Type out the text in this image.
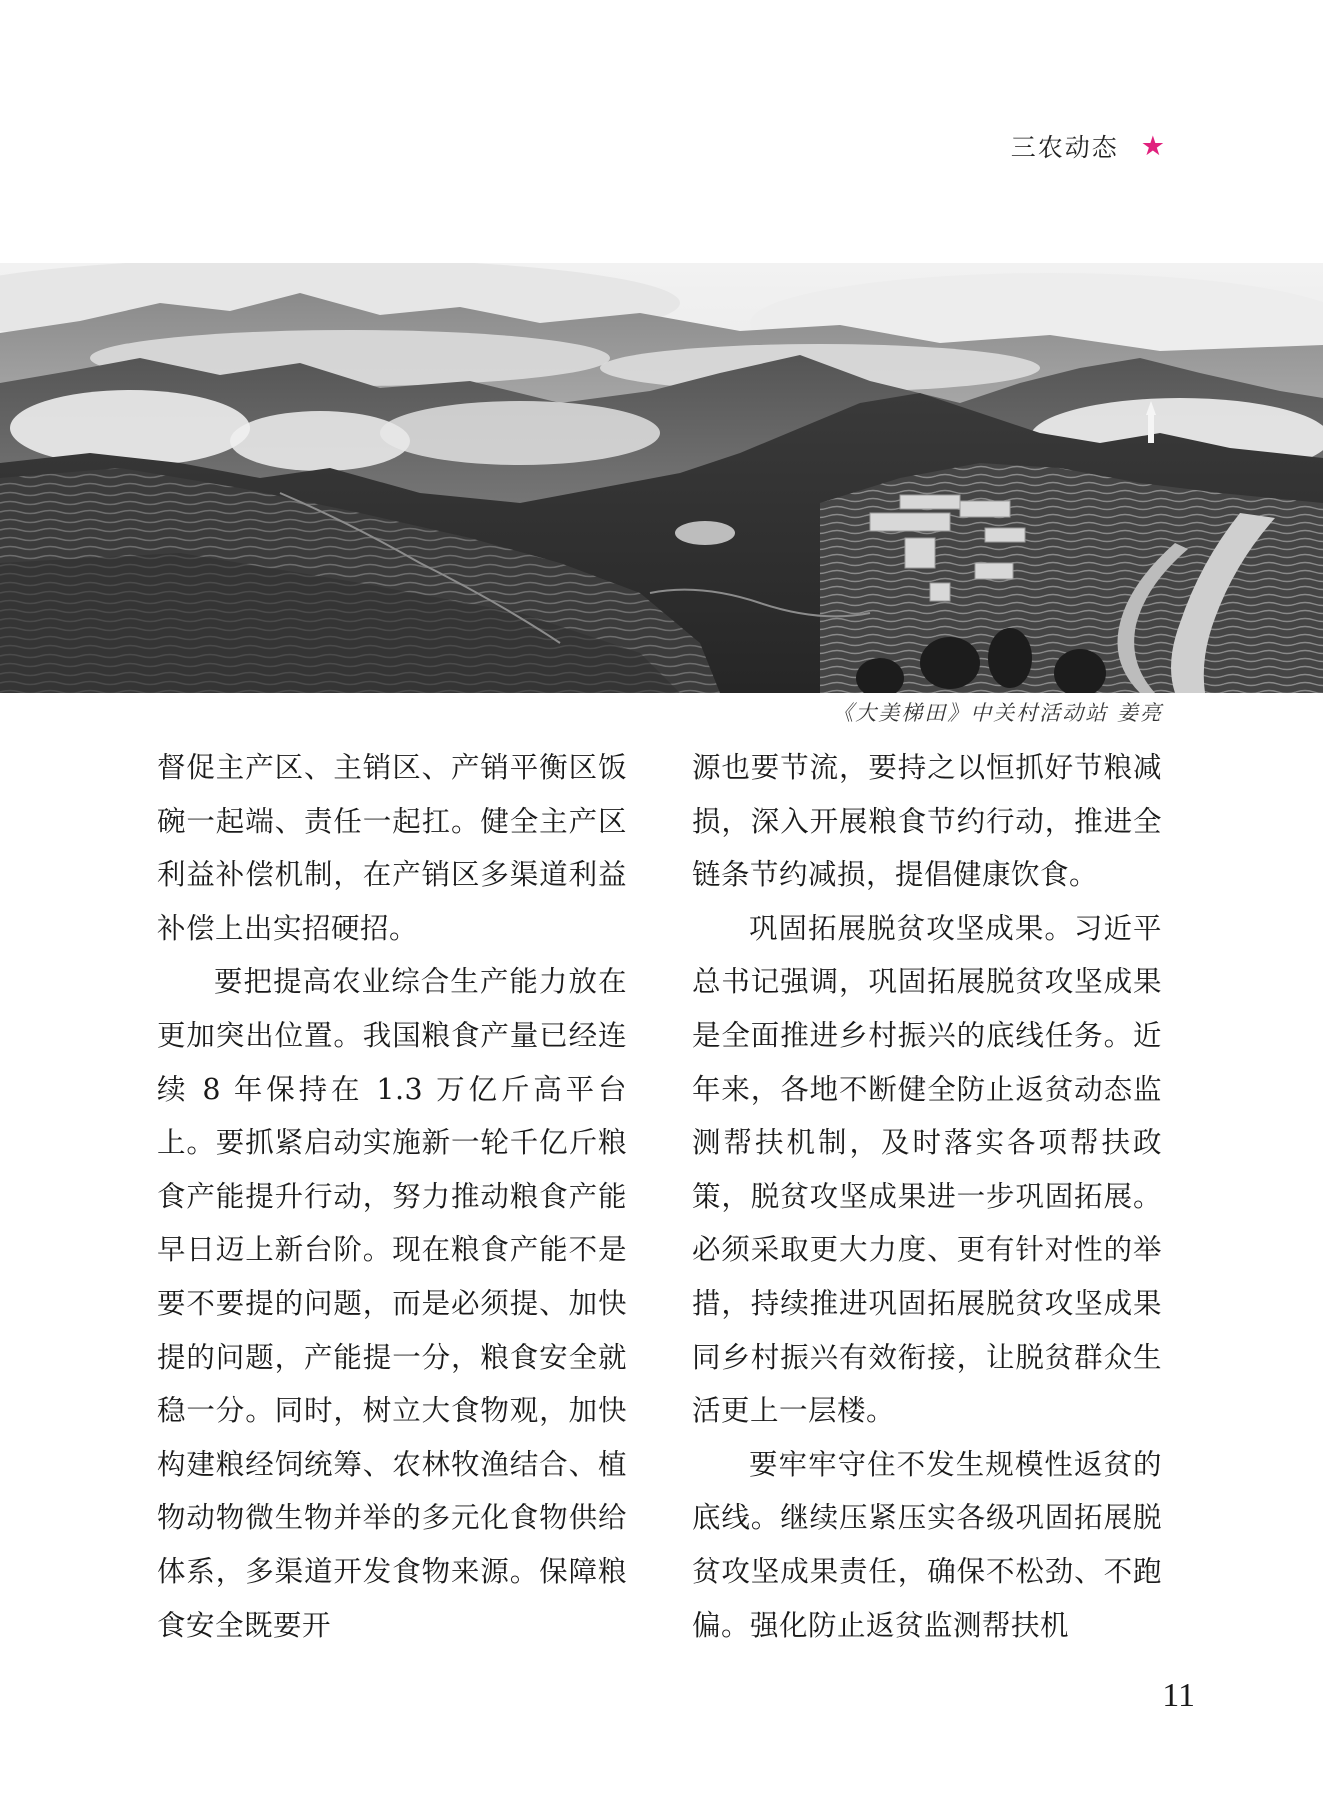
三农动态 ★
《大美梯田》中关村活动站 姜亮

督促主产区、主销区、产销平衡区饭碗一起端、责任一起扛。健全主产区利益补偿机制，在产销区多渠道利益补偿上出实招硬招。

要把提高农业综合生产能力放在更加突出位置。我国粮食产量已经连续 8 年保持在 1.3 万亿斤高平台上。要抓紧启动实施新一轮千亿斤粮食产能提升行动，努力推动粮食产能早日迈上新台阶。现在粮食产能不是要不要提的问题，而是必须提、加快提的问题，产能提一分，粮食安全就稳一分。同时，树立大食物观，加快构建粮经饲统筹、农林牧渔结合、植物动物微生物并举的多元化食物供给体系，多渠道开发食物来源。保障粮食安全既要开

源也要节流，要持之以恒抓好节粮减损，深入开展粮食节约行动，推进全链条节约减损，提倡健康饮食。

巩固拓展脱贫攻坚成果。习近平总书记强调，巩固拓展脱贫攻坚成果是全面推进乡村振兴的底线任务。近年来，各地不断健全防止返贫动态监测帮扶机制，及时落实各项帮扶政策，脱贫攻坚成果进一步巩固拓展。必须采取更大力度、更有针对性的举措，持续推进巩固拓展脱贫攻坚成果同乡村振兴有效衔接，让脱贫群众生活更上一层楼。

要牢牢守住不发生规模性返贫的底线。继续压紧压实各级巩固拓展脱贫攻坚成果责任，确保不松劲、不跑偏。强化防止返贫监测帮扶机

11
